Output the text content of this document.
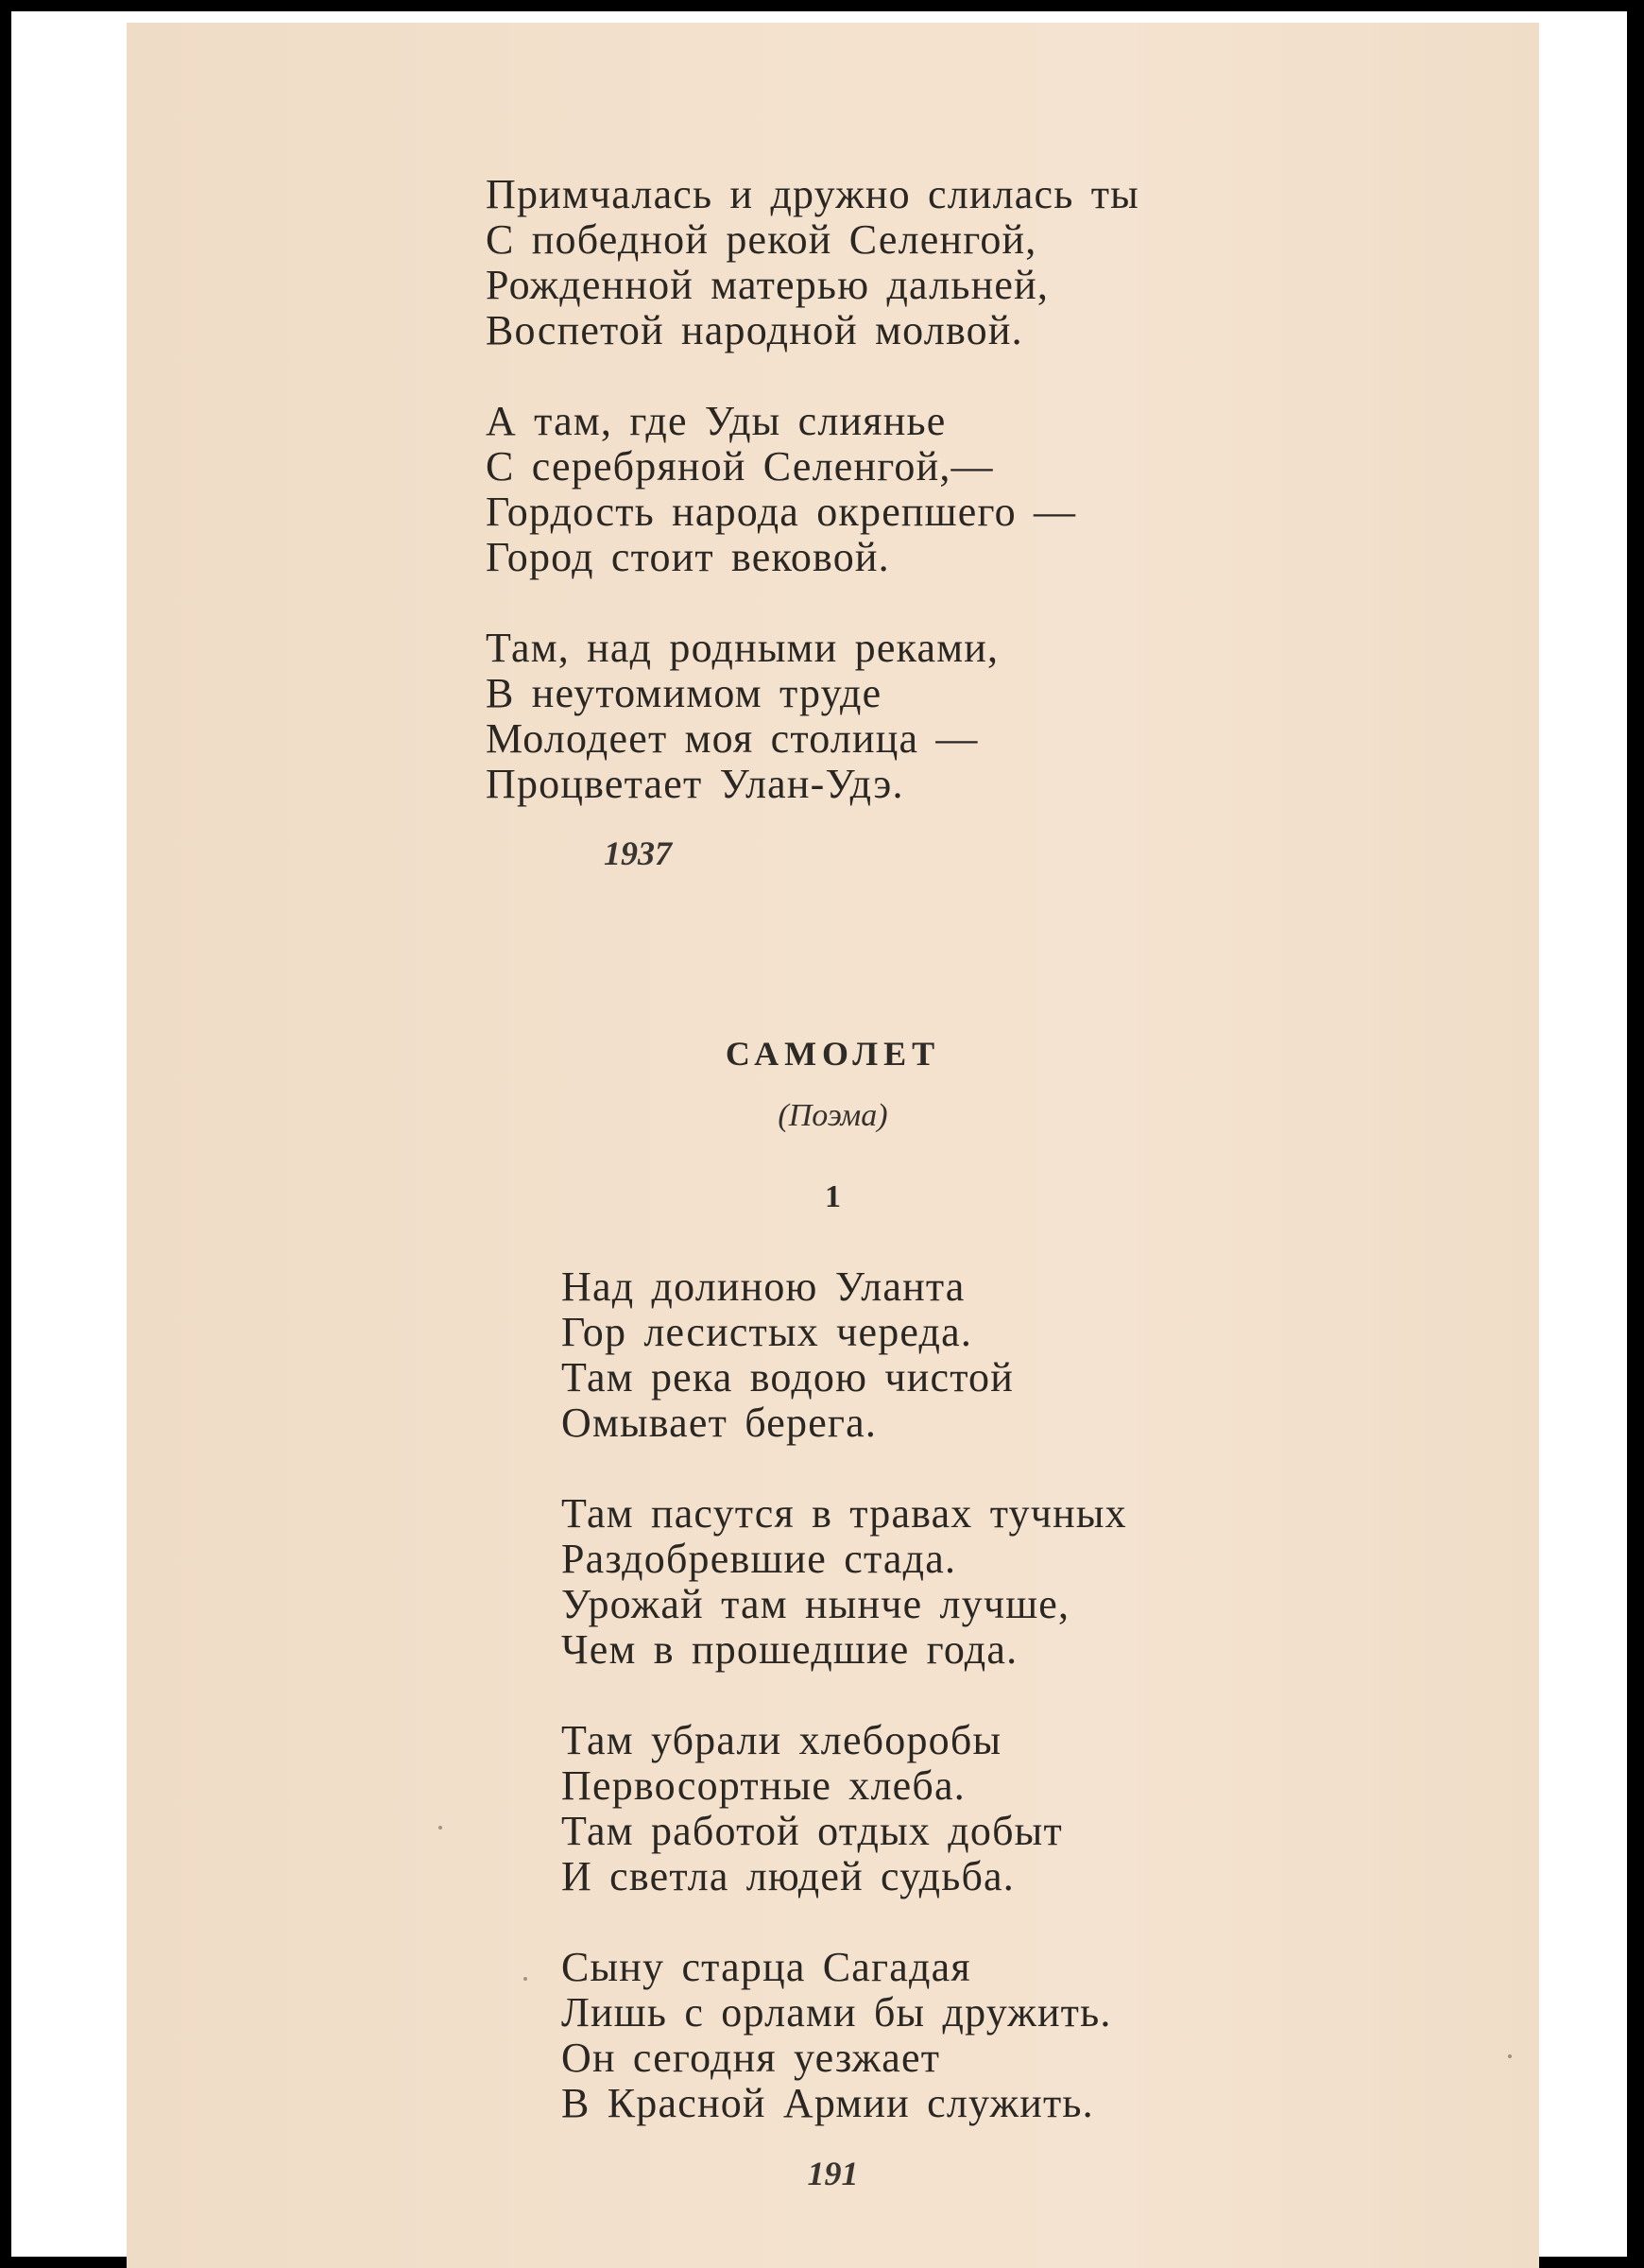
Примчалась и дружно слилась ты
С победной рекой Селенгой,
Рожденной матерью дальней,
Воспетой народной молвой.
А там, где Уды слиянье
С серебряной Селенгой,—
Гордость народа окрепшего —
Город стоит вековой.
Там, над родными реками,
В неутомимом труде
Молодеет моя столица —
Процветает Улан-Удэ.
1937
САМОЛЕТ
(Поэма)
1
Над долиною Уланта
Гор лесистых череда.
Там река водою чистой
Омывает берега.
Там пасутся в травах тучных
Раздобревшие стада.
Урожай там нынче лучше,
Чем в прошедшие года.
Там убрали хлеборобы
Первосортные хлеба.
Там работой отдых добыт
И светла людей судьба.
Сыну старца Сагадая
Лишь с орлами бы дружить.
Он сегодня уезжает
В Красной Армии служить.
191
